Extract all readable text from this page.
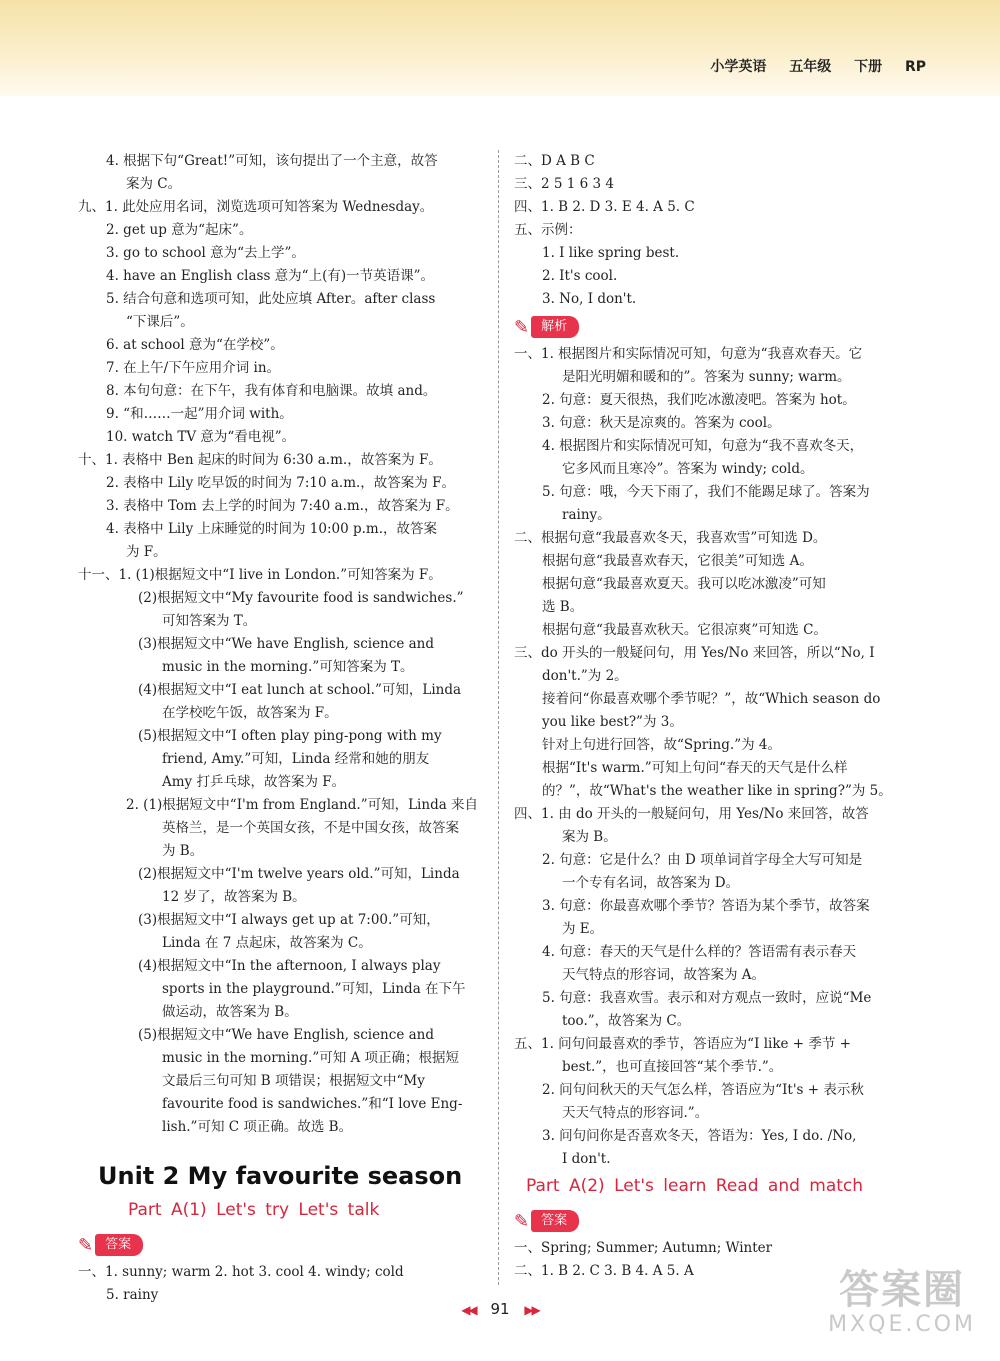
小学英语 五年级 下册 RP
4. 根据下句“Great!”可知，该句提出了一个主意，故答
案为 C。
九、1. 此处应用名词，浏览选项可知答案为 Wednesday。
2. get up 意为“起床”。
3. go to school 意为“去上学”。
4. have an English class 意为“上(有)一节英语课”。
5. 结合句意和选项可知，此处应填 After。after class
“下课后”。
6. at school 意为“在学校”。
7. 在上午/下午应用介词 in。
8. 本句句意：在下午，我有体育和电脑课。故填 and。
9. “和……一起”用介词 with。
10. watch TV 意为“看电视”。
十、1. 表格中 Ben 起床的时间为 6:30 a.m.，故答案为 F。
2. 表格中 Lily 吃早饭的时间为 7:10 a.m.，故答案为 F。
3. 表格中 Tom 去上学的时间为 7:40 a.m.，故答案为 F。
4. 表格中 Lily 上床睡觉的时间为 10:00 p.m.，故答案
为 F。
十一、1. (1)根据短文中“I live in London.”可知答案为 F。
(2)根据短文中“My favourite food is sandwiches.”
可知答案为 T。
(3)根据短文中“We have English, science and
music in the morning.”可知答案为 T。
(4)根据短文中“I eat lunch at school.”可知，Linda
在学校吃午饭，故答案为 F。
(5)根据短文中“I often play ping-pong with my
friend, Amy.”可知，Linda 经常和她的朋友
Amy 打乒乓球，故答案为 F。
2. (1)根据短文中“I'm from England.”可知，Linda 来自
英格兰，是一个英国女孩，不是中国女孩，故答案
为 B。
(2)根据短文中“I'm twelve years old.”可知，Linda
12 岁了，故答案为 B。
(3)根据短文中“I always get up at 7:00.”可知，
Linda 在 7 点起床，故答案为 C。
(4)根据短文中“In the afternoon, I always play
sports in the playground.”可知，Linda 在下午
做运动，故答案为 B。
(5)根据短文中“We have English, science and
music in the morning.”可知 A 项正确；根据短
文最后三句可知 B 项错误；根据短文中“My
favourite food is sandwiches.”和“I love Eng-
lish.”可知 C 项正确。故选 B。
Unit 2 My favourite season
Part A(1) Let's try Let's talk
✎ 答案
一、1. sunny; warm 2. hot 3. cool 4. windy; cold
5. rainy
二、D A B C
三、2 5 1 6 3 4
四、1. B 2. D 3. E 4. A 5. C
五、示例：
1. I like spring best.
2. It's cool.
3. No, I don't.
✎ 解析
一、1. 根据图片和实际情况可知，句意为“我喜欢春天。它
是阳光明媚和暖和的”。答案为 sunny; warm。
2. 句意：夏天很热，我们吃冰激凌吧。答案为 hot。
3. 句意：秋天是凉爽的。答案为 cool。
4. 根据图片和实际情况可知，句意为“我不喜欢冬天，
它多风而且寒冷”。答案为 windy; cold。
5. 句意：哦，今天下雨了，我们不能踢足球了。答案为
rainy。
二、根据句意“我最喜欢冬天，我喜欢雪”可知选 D。
根据句意“我最喜欢春天，它很美”可知选 A。
根据句意“我最喜欢夏天。我可以吃冰激凌”可知
选 B。
根据句意“我最喜欢秋天。它很凉爽”可知选 C。
三、do 开头的一般疑问句，用 Yes/No 来回答，所以“No, I
don't.”为 2。
接着问“你最喜欢哪个季节呢？”，故“Which season do
you like best?”为 3。
针对上句进行回答，故“Spring.”为 4。
根据“It's warm.”可知上句问“春天的天气是什么样
的？”，故“What's the weather like in spring?”为 5。
四、1. 由 do 开头的一般疑问句，用 Yes/No 来回答，故答
案为 B。
2. 句意：它是什么？由 D 项单词首字母全大写可知是
一个专有名词，故答案为 D。
3. 句意：你最喜欢哪个季节？答语为某个季节，故答案
为 E。
4. 句意：春天的天气是什么样的？答语需有表示春天
天气特点的形容词，故答案为 A。
5. 句意：我喜欢雪。表示和对方观点一致时，应说“Me
too.”，故答案为 C。
五、1. 问句问最喜欢的季节，答语应为“I like + 季节 +
best.”，也可直接回答“某个季节.”。
2. 问句问秋天的天气怎么样，答语应为“It's + 表示秋
天天气特点的形容词.”。
3. 问句问你是否喜欢冬天，答语为：Yes, I do. /No,
I don't.
Part A(2) Let's learn Read and match
✎ 答案
一、Spring; Summer; Autumn; Winter
二、1. B 2. C 3. B 4. A 5. A
◀◀ 91 ▶▶	答案圈
MXQE.COM
